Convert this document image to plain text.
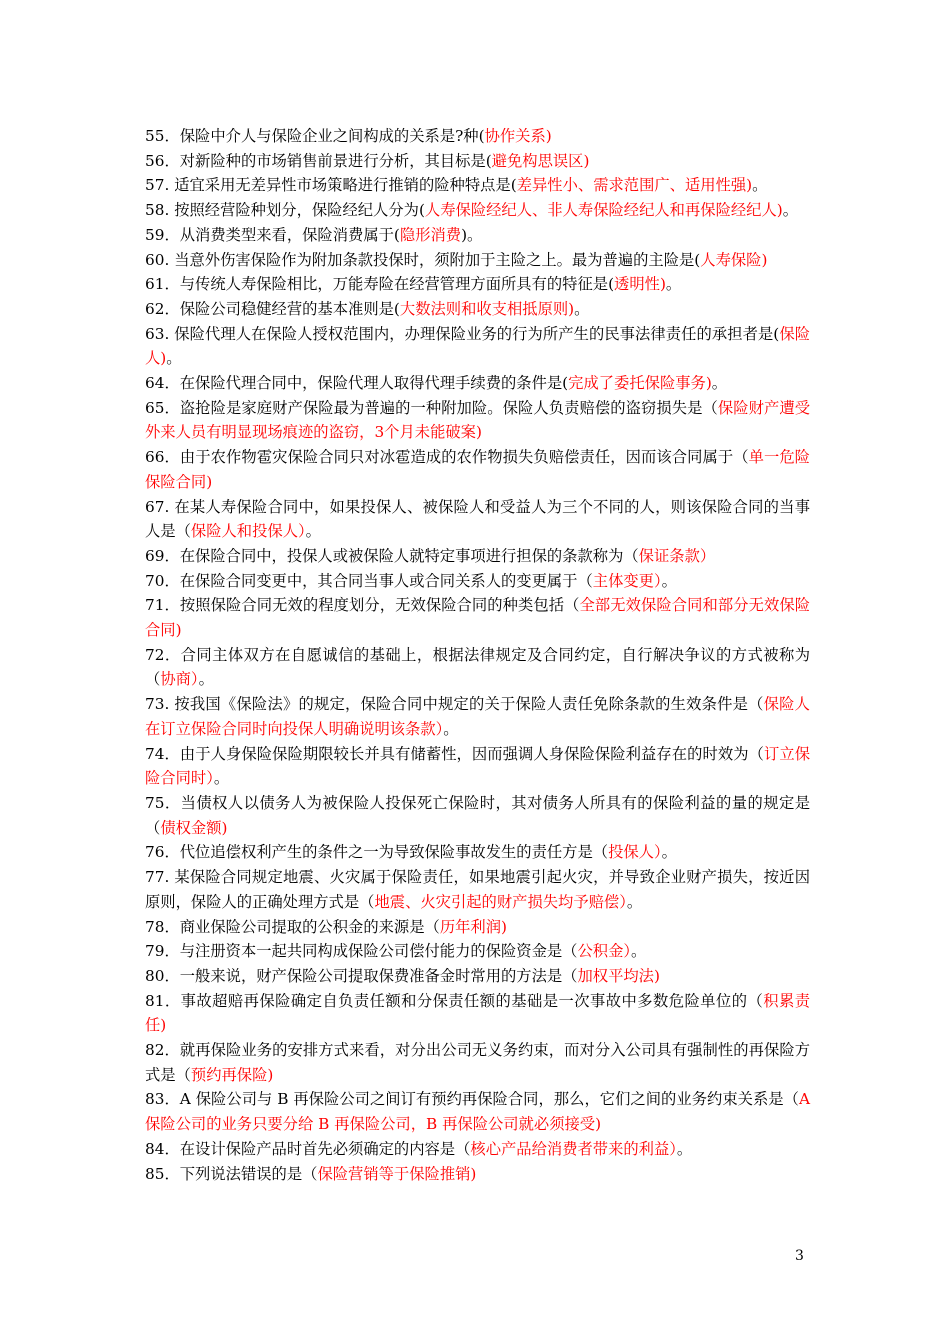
55．保险中介人与保险企业之间构成的关系是?种(协作关系)

56．对新险种的市场销售前景进行分析，其目标是(避免构思误区)

57. 适宜采用无差异性市场策略进行推销的险种特点是(差异性小、需求范围广、适用性强)。

58. 按照经营险种划分，保险经纪人分为(人寿保险经纪人、非人寿保险经纪人和再保险经纪人)。

59．从消费类型来看，保险消费属于(隐形消费)。

60. 当意外伤害保险作为附加条款投保时，须附加于主险之上。最为普遍的主险是(人寿保险)

61．与传统人寿保险相比，万能寿险在经营管理方面所具有的特征是(透明性)。

62．保险公司稳健经营的基本准则是(大数法则和收支相抵原则)。

63. 保险代理人在保险人授权范围内，办理保险业务的行为所产生的民事法律责任的承担者是(保险人)。

64．在保险代理合同中，保险代理人取得代理手续费的条件是(完成了委托保险事务)。

65．盗抢险是家庭财产保险最为普遍的一种附加险。保险人负责赔偿的盗窃损失是（保险财产遭受外来人员有明显现场痕迹的盗窃，3个月未能破案)

66．由于农作物雹灾保险合同只对冰雹造成的农作物损失负赔偿责任，因而该合同属于（单一危险保险合同)

67. 在某人寿保险合同中，如果投保人、被保险人和受益人为三个不同的人，则该保险合同的当事人是（保险人和投保人）。

69．在保险合同中，投保人或被保险人就特定事项进行担保的条款称为（保证条款）

70．在保险合同变更中，其合同当事人或合同关系人的变更属于（主体变更）。

71．按照保险合同无效的程度划分，无效保险合同的种类包括（全部无效保险合同和部分无效保险合同)

72．合同主体双方在自愿诚信的基础上，根据法律规定及合同约定，自行解决争议的方式被称为（协商）。

73. 按我国《保险法》的规定，保险合同中规定的关于保险人责任免除条款的生效条件是（保险人在订立保险合同时向投保人明确说明该条款）。

74．由于人身保险保险期限较长并具有储蓄性，因而强调人身保险保险利益存在的时效为（订立保险合同时）。

75．当债权人以债务人为被保险人投保死亡保险时，其对债务人所具有的保险利益的量的规定是（债权金额)

76．代位追偿权利产生的条件之一为导致保险事故发生的责任方是（投保人）。

77. 某保险合同规定地震、火灾属于保险责任，如果地震引起火灾，并导致企业财产损失，按近因原则，保险人的正确处理方式是（地震、火灾引起的财产损失均予赔偿）。

78．商业保险公司提取的公积金的来源是（历年利润)

79．与注册资本一起共同构成保险公司偿付能力的保险资金是（公积金）。

80．一般来说，财产保险公司提取保费准备金时常用的方法是（加权平均法)

81．事故超赔再保险确定自负责任额和分保责任额的基础是一次事故中多数危险单位的（积累责任)

82．就再保险业务的安排方式来看，对分出公司无义务约束，而对分入公司具有强制性的再保险方式是（预约再保险)

83．A 保险公司与 B 再保险公司之间订有预约再保险合同，那么，它们之间的业务约束关系是（A 保险公司的业务只要分给 B 再保险公司，B 再保险公司就必须接受)

84．在设计保险产品时首先必须确定的内容是（核心产品给消费者带来的利益）。

85．下列说法错误的是（保险营销等于保险推销)

3
